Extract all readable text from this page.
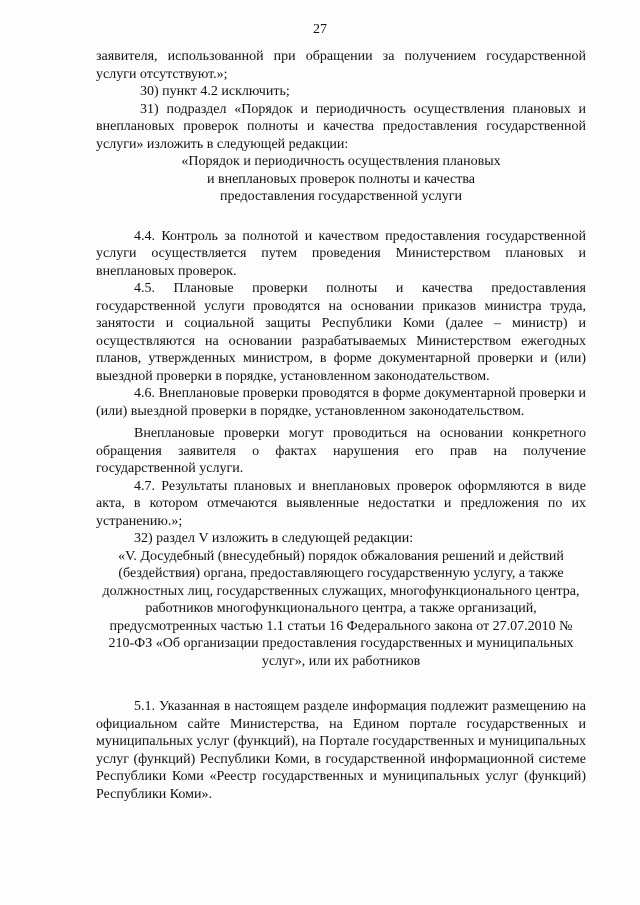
27

заявителя, использованной при обращении за получением государственной услуги отсутствуют.»;

30) пункт 4.2 исключить;

31) подраздел «Порядок и периодичность осуществления плановых и внеплановых проверок полноты и качества предоставления государственной услуги» изложить в следующей редакции:

«Порядок и периодичность осуществления плановых

и внеплановых проверок полноты и качества

предоставления государственной услуги

4.4. Контроль за полнотой и качеством предоставления государственной услуги осуществляется путем проведения Министерством плановых и внеплановых проверок.

4.5. Плановые проверки полноты и качества предоставления государственной услуги проводятся на основании приказов министра труда, занятости и социальной защиты Республики Коми (далее – министр) и осуществляются на основании разрабатываемых Министерством ежегодных планов, утвержденных министром, в форме документарной проверки и (или) выездной проверки в порядке, установленном законодательством.

4.6. Внеплановые проверки проводятся в форме документарной проверки и (или) выездной проверки в порядке, установленном законодательством.

Внеплановые проверки могут проводиться на основании конкретного обращения заявителя о фактах нарушения его прав на получение государственной услуги.

4.7. Результаты плановых и внеплановых проверок оформляются в виде акта, в котором отмечаются выявленные недостатки и предложения по их устранению.»;

32) раздел V изложить в следующей редакции:

«V. Досудебный (внесудебный) порядок обжалования решений и действий (бездействия) органа, предоставляющего государственную услугу, а также должностных лиц, государственных служащих, многофункционального центра, работников многофункционального центра, а также организаций, предусмотренных частью 1.1 статьи 16 Федерального закона от 27.07.2010 № 210-ФЗ «Об организации предоставления государственных и муниципальных услуг», или их работников

5.1. Указанная в настоящем разделе информация подлежит размещению на официальном сайте Министерства, на Едином портале государственных и муниципальных услуг (функций), на Портале государственных и муниципальных услуг (функций) Республики Коми, в государственной информационной системе Республики Коми «Реестр государственных и муниципальных услуг (функций) Республики Коми».
